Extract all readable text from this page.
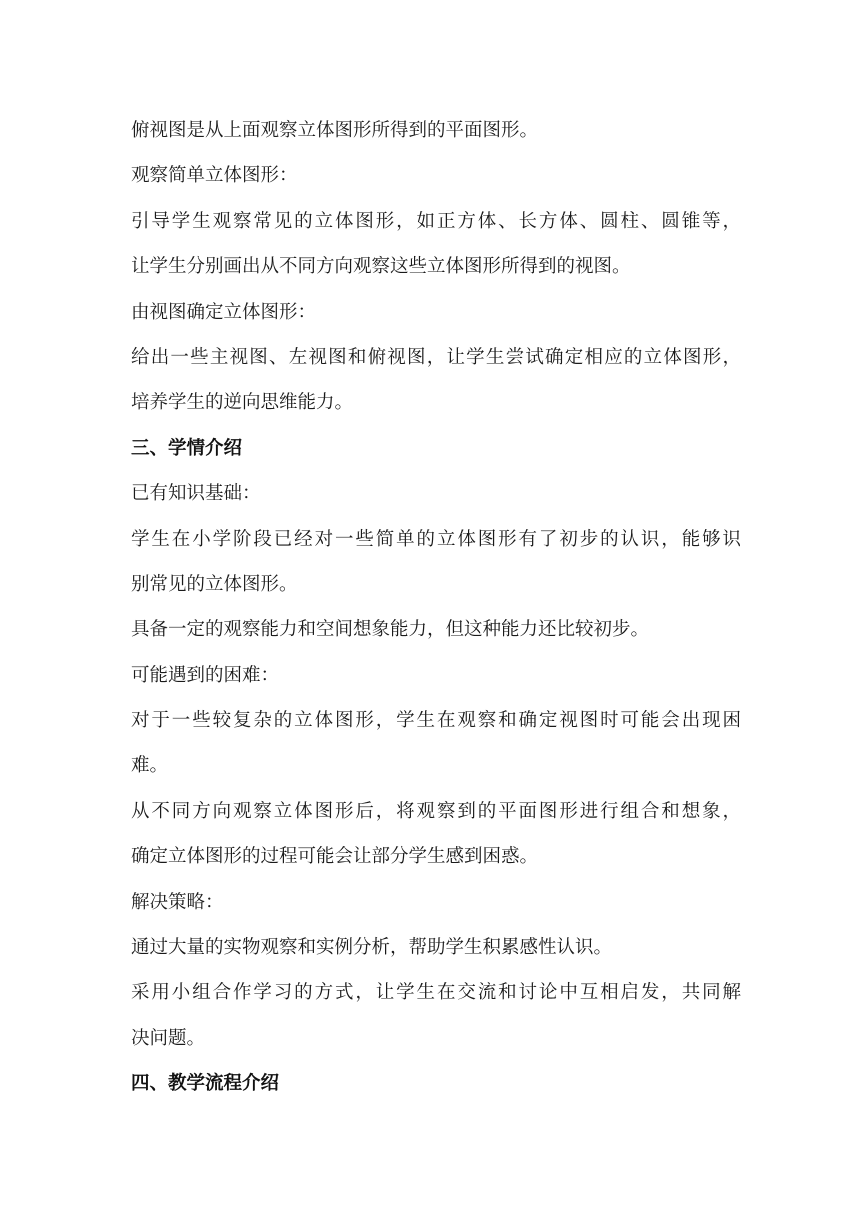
俯视图是从上面观察立体图形所得到的平面图形。
观察简单立体图形：
引导学生观察常见的立体图形，如正方体、长方体、圆柱、圆锥等，
让学生分别画出从不同方向观察这些立体图形所得到的视图。
由视图确定立体图形：
给出一些主视图、左视图和俯视图，让学生尝试确定相应的立体图形，
培养学生的逆向思维能力。
三、学情介绍
已有知识基础：
学生在小学阶段已经对一些简单的立体图形有了初步的认识，能够识
别常见的立体图形。
具备一定的观察能力和空间想象能力，但这种能力还比较初步。
可能遇到的困难：
对于一些较复杂的立体图形，学生在观察和确定视图时可能会出现困
难。
从不同方向观察立体图形后，将观察到的平面图形进行组合和想象，
确定立体图形的过程可能会让部分学生感到困惑。
解决策略：
通过大量的实物观察和实例分析，帮助学生积累感性认识。
采用小组合作学习的方式，让学生在交流和讨论中互相启发，共同解
决问题。
四、教学流程介绍
